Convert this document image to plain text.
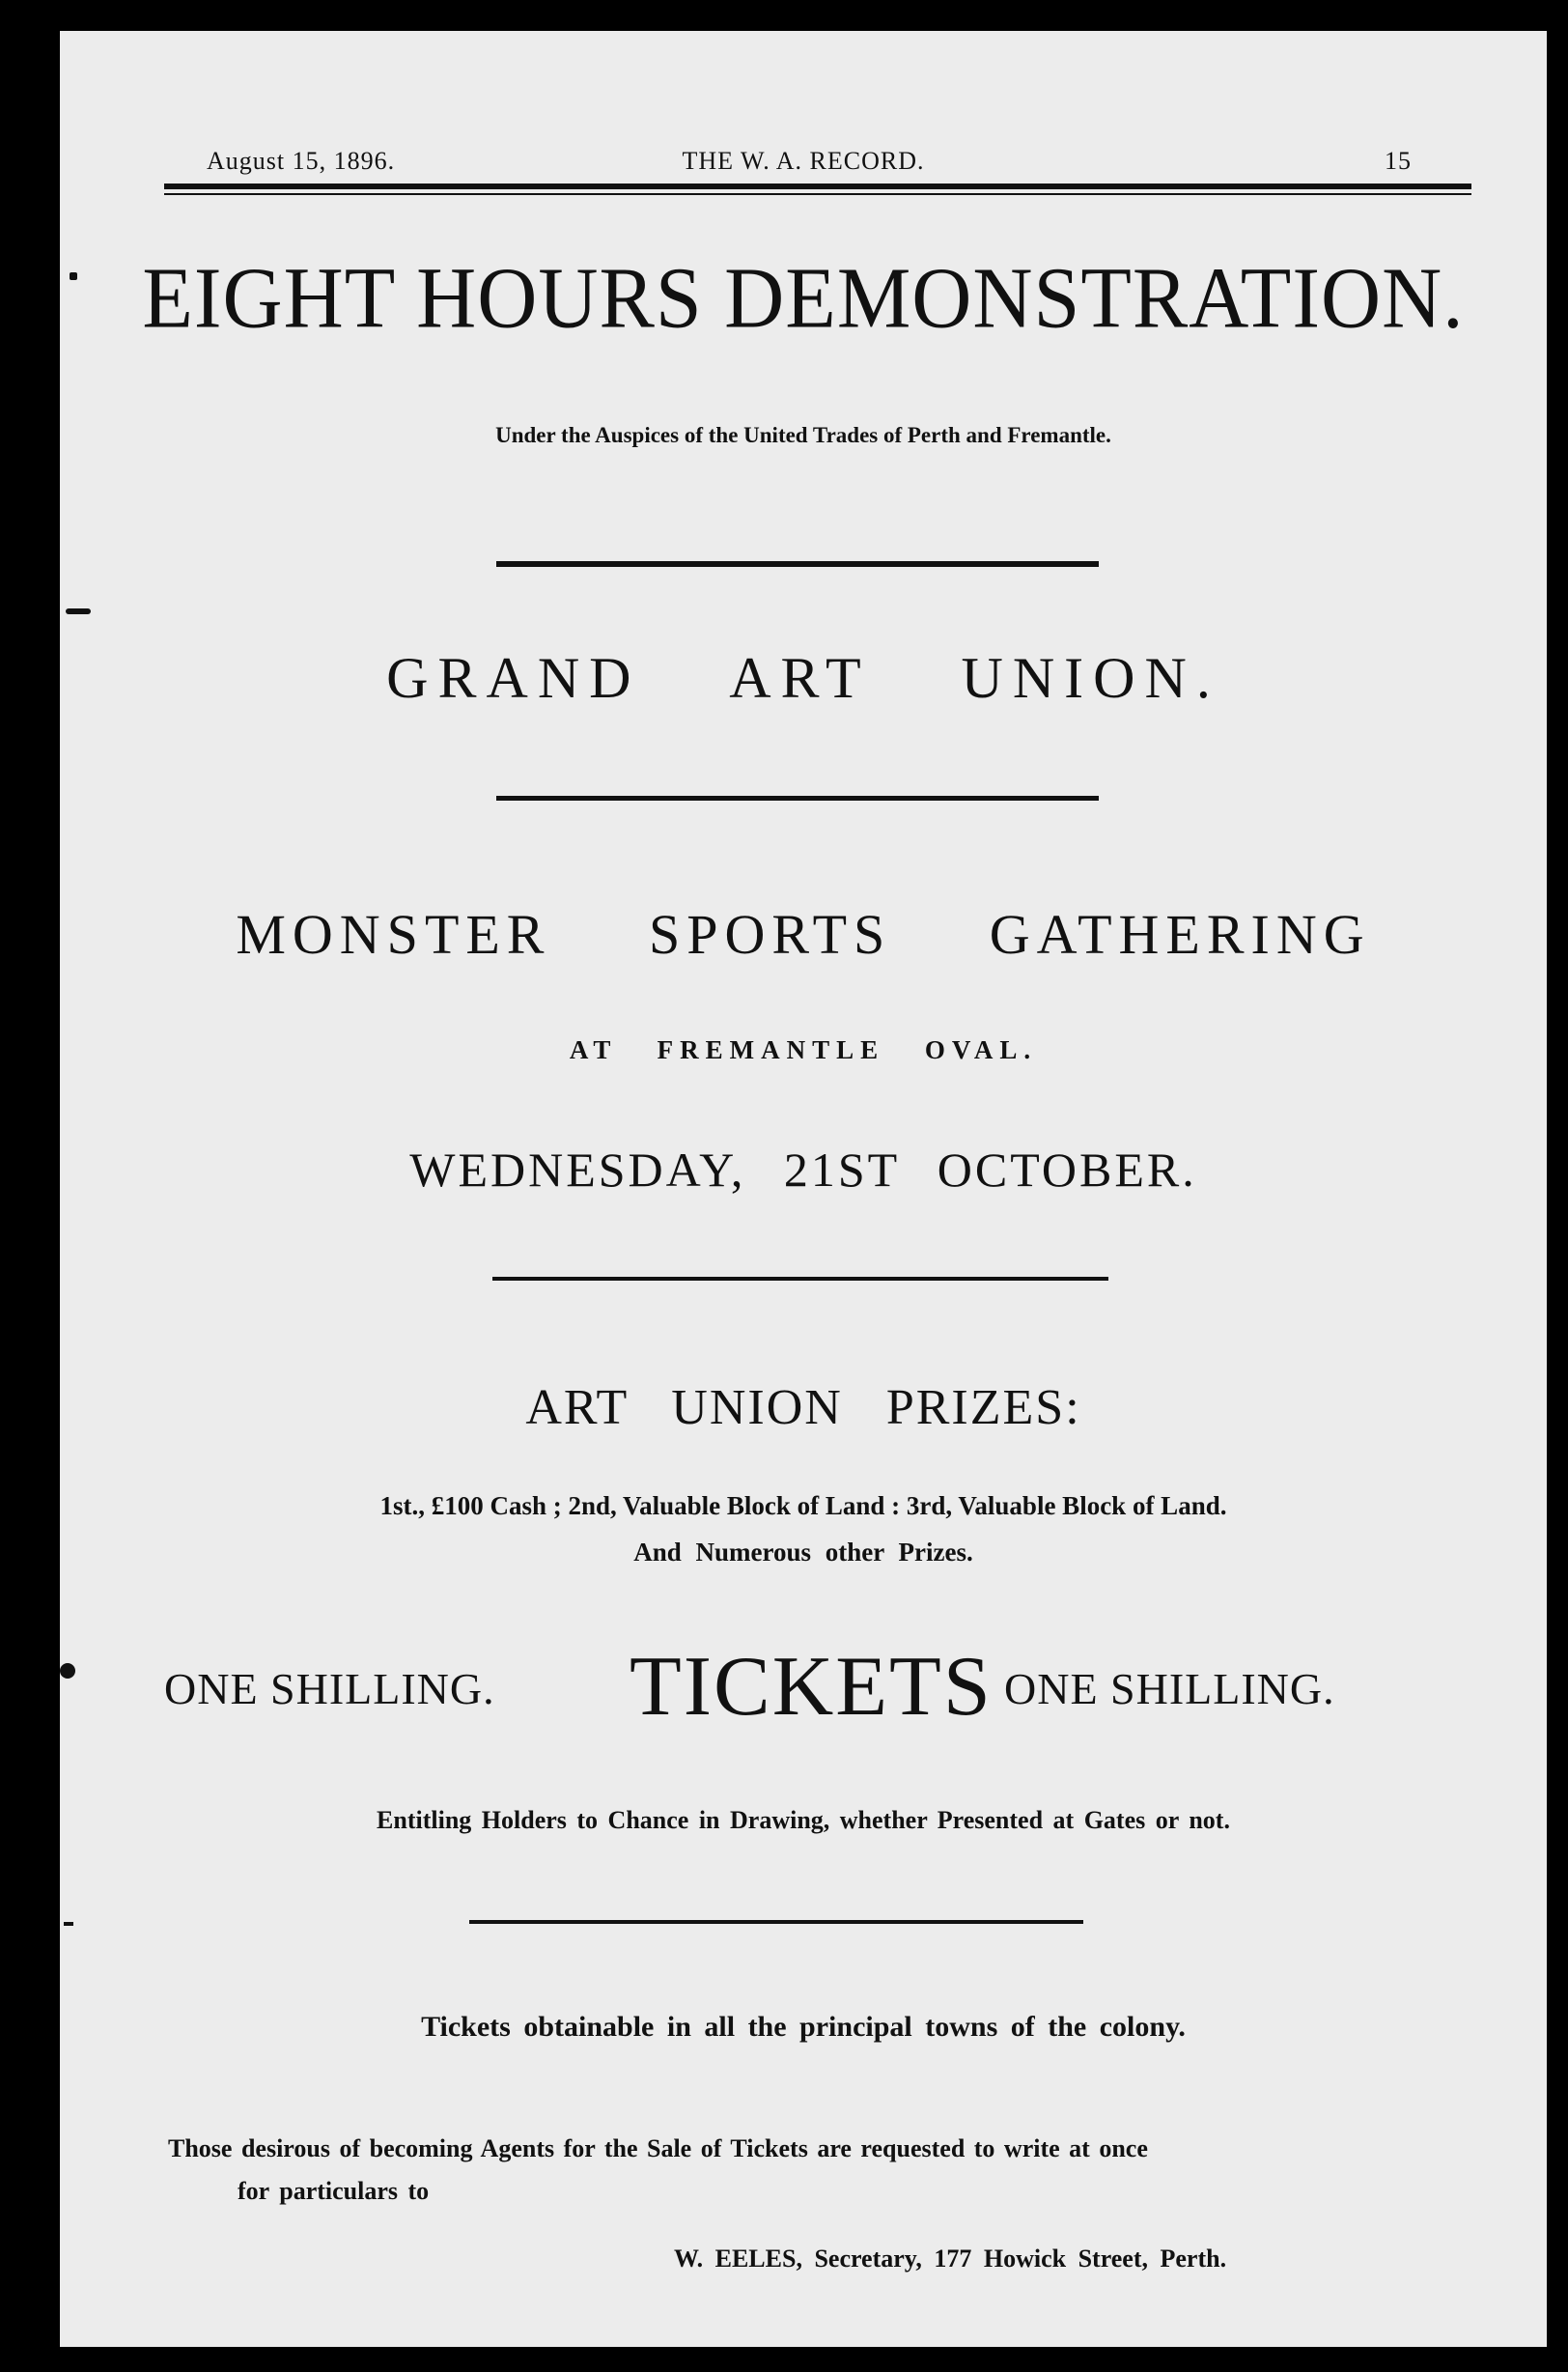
August 15, 1896.	THE W. A. RECORD.	15
EIGHT HOURS DEMONSTRATION.
Under the Auspices of the United Trades of Perth and Fremantle.
GRAND ART UNION.
MONSTER SPORTS GATHERING
AT FREMANTLE OVAL.
WEDNESDAY, 21ST OCTOBER.
ART UNION PRIZES:
1st., £100 Cash ; 2nd, Valuable Block of Land : 3rd, Valuable Block of Land.
And Numerous other Prizes.
ONE SHILLING. TICKETS ONE SHILLING.
Entitling Holders to Chance in Drawing, whether Presented at Gates or not.
Tickets obtainable in all the principal towns of the colony.
Those desirous of becoming Agents for the Sale of Tickets are requested to write at once
for particulars to
W. EELES, Secretary, 177 Howick Street, Perth.
